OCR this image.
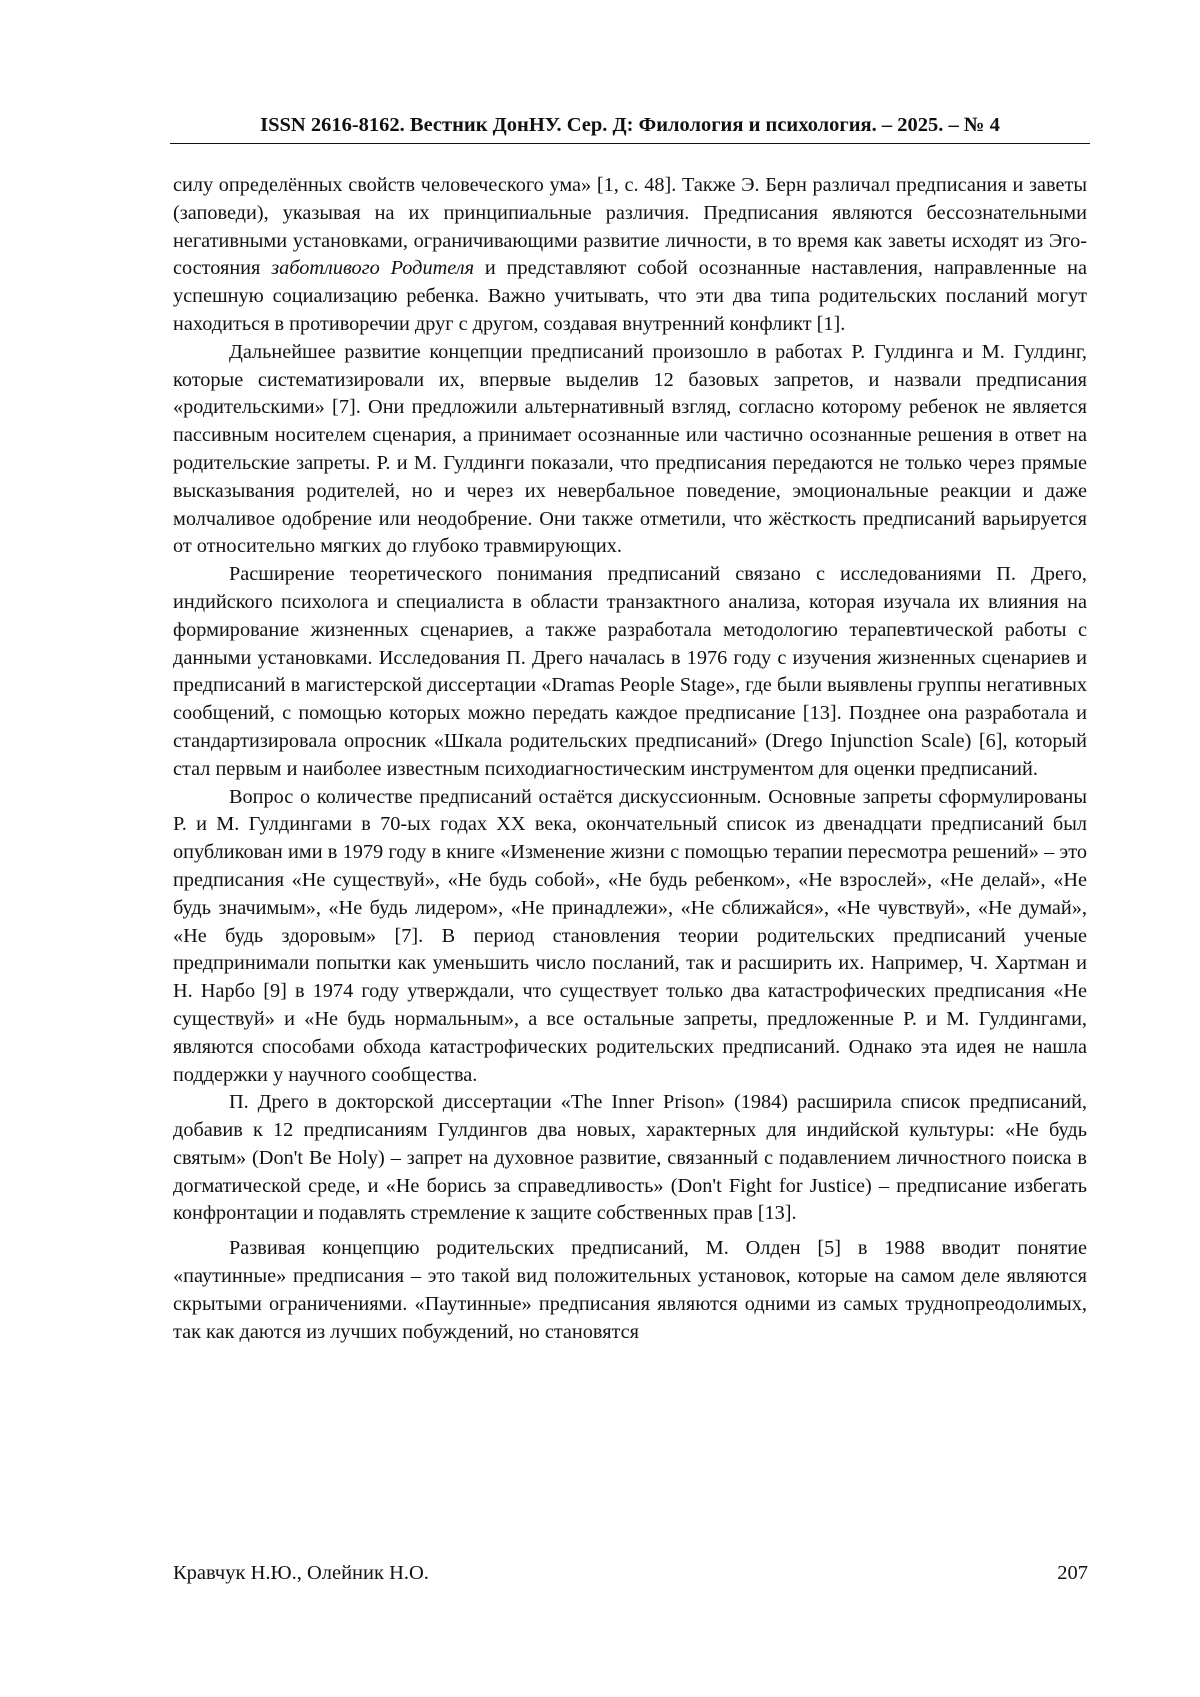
ISSN 2616-8162. Вестник ДонНУ. Сер. Д: Филология и психология. – 2025. – № 4

силу определённых свойств человеческого ума» [1, с. 48]. Также Э. Берн различал предписания и заветы (заповеди), указывая на их принципиальные различия. Предписания являются бессознательными негативными установками, ограничивающими развитие личности, в то время как заветы исходят из Эго-состояния заботливого Родителя и представляют собой осознанные наставления, направленные на успешную социализацию ребенка. Важно учитывать, что эти два типа родительских посланий могут находиться в противоречии друг с другом, создавая внутренний конфликт [1].

Дальнейшее развитие концепции предписаний произошло в работах Р. Гулдинга и М. Гулдинг, которые систематизировали их, впервые выделив 12 базовых запретов, и назвали предписания «родительскими» [7]. Они предложили альтернативный взгляд, согласно которому ребенок не является пассивным носителем сценария, а принимает осознанные или частично осознанные решения в ответ на родительские запреты. Р. и М. Гулдинги показали, что предписания передаются не только через прямые высказывания родителей, но и через их невербальное поведение, эмоциональные реакции и даже молчаливое одобрение или неодобрение. Они также отметили, что жёсткость предписаний варьируется от относительно мягких до глубоко травмирующих.

Расширение теоретического понимания предписаний связано с исследованиями П. Дрего, индийского психолога и специалиста в области транзактного анализа, которая изучала их влияния на формирование жизненных сценариев, а также разработала методологию терапевтической работы с данными установками. Исследования П. Дрего началась в 1976 году с изучения жизненных сценариев и предписаний в магистерской диссертации «Dramas People Stage», где были выявлены группы негативных сообщений, с помощью которых можно передать каждое предписание [13]. Позднее она разработала и стандартизировала опросник «Шкала родительских предписаний» (Drego Injunction Scale) [6], который стал первым и наиболее известным психодиагностическим инструментом для оценки предписаний.

Вопрос о количестве предписаний остаётся дискуссионным. Основные запреты сформулированы Р. и М. Гулдингами в 70-ых годах ХХ века, окончательный список из двенадцати предписаний был опубликован ими в 1979 году в книге «Изменение жизни с помощью терапии пересмотра решений» – это предписания «Не существуй», «Не будь собой», «Не будь ребенком», «Не взрослей», «Не делай», «Не будь значимым», «Не будь лидером», «Не принадлежи», «Не сближайся», «Не чувствуй», «Не думай», «Не будь здоровым» [7]. В период становления теории родительских предписаний ученые предпринимали попытки как уменьшить число посланий, так и расширить их. Например, Ч. Хартман и Н. Нарбо [9] в 1974 году утверждали, что существует только два катастрофических предписания «Не существуй» и «Не будь нормальным», а все остальные запреты, предложенные Р. и М. Гулдингами, являются способами обхода катастрофических родительских предписаний. Однако эта идея не нашла поддержки у научного сообщества.

П. Дрего в докторской диссертации «The Inner Prison» (1984) расширила список предписаний, добавив к 12 предписаниям Гулдингов два новых, характерных для индийской культуры: «Не будь святым» (Don't Be Holy) – запрет на духовное развитие, связанный с подавлением личностного поиска в догматической среде, и «Не борись за справедливость» (Don't Fight for Justice) – предписание избегать конфронтации и подавлять стремление к защите собственных прав [13].

Развивая концепцию родительских предписаний, М. Олден [5] в 1988 вводит понятие «паутинные» предписания – это такой вид положительных установок, которые на самом деле являются скрытыми ограничениями. «Паутинные» предписания являются одними из самых труднопреодолимых, так как даются из лучших побуждений, но становятся

Кравчук Н.Ю., Олейник Н.О.	207
